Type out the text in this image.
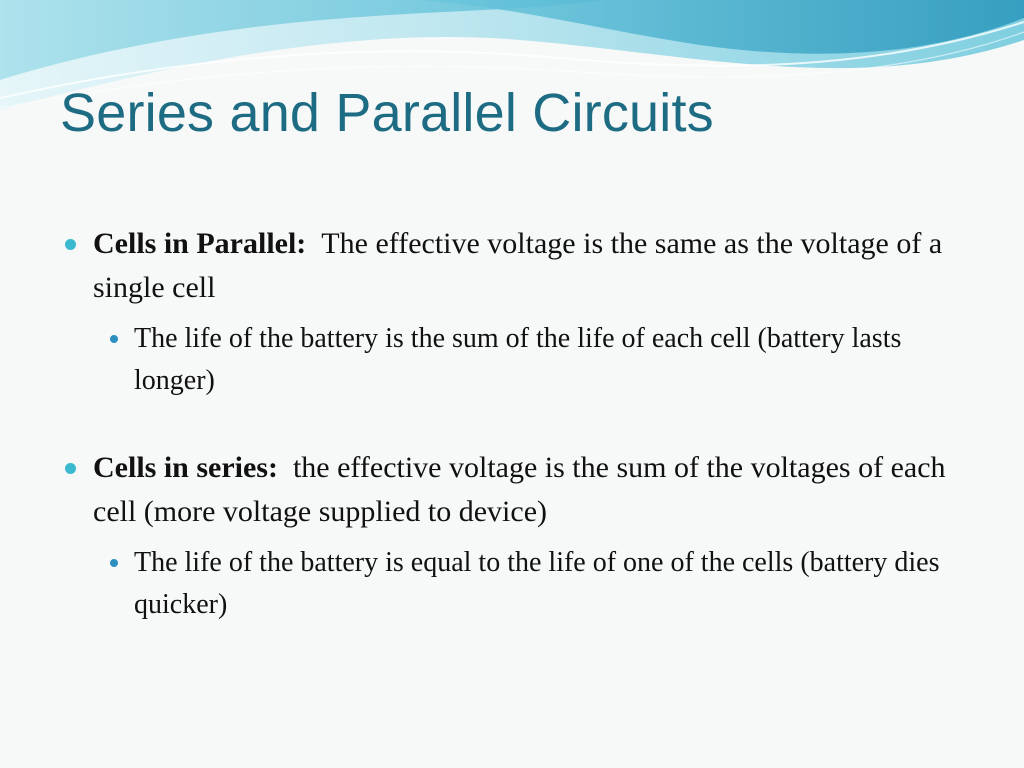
Series and Parallel Circuits
Cells in Parallel: The effective voltage is the same as the voltage of a single cell
The life of the battery is the sum of the life of each cell (battery lasts longer)
Cells in series: the effective voltage is the sum of the voltages of each cell (more voltage supplied to device)
The life of the battery is equal to the life of one of the cells (battery dies quicker)
